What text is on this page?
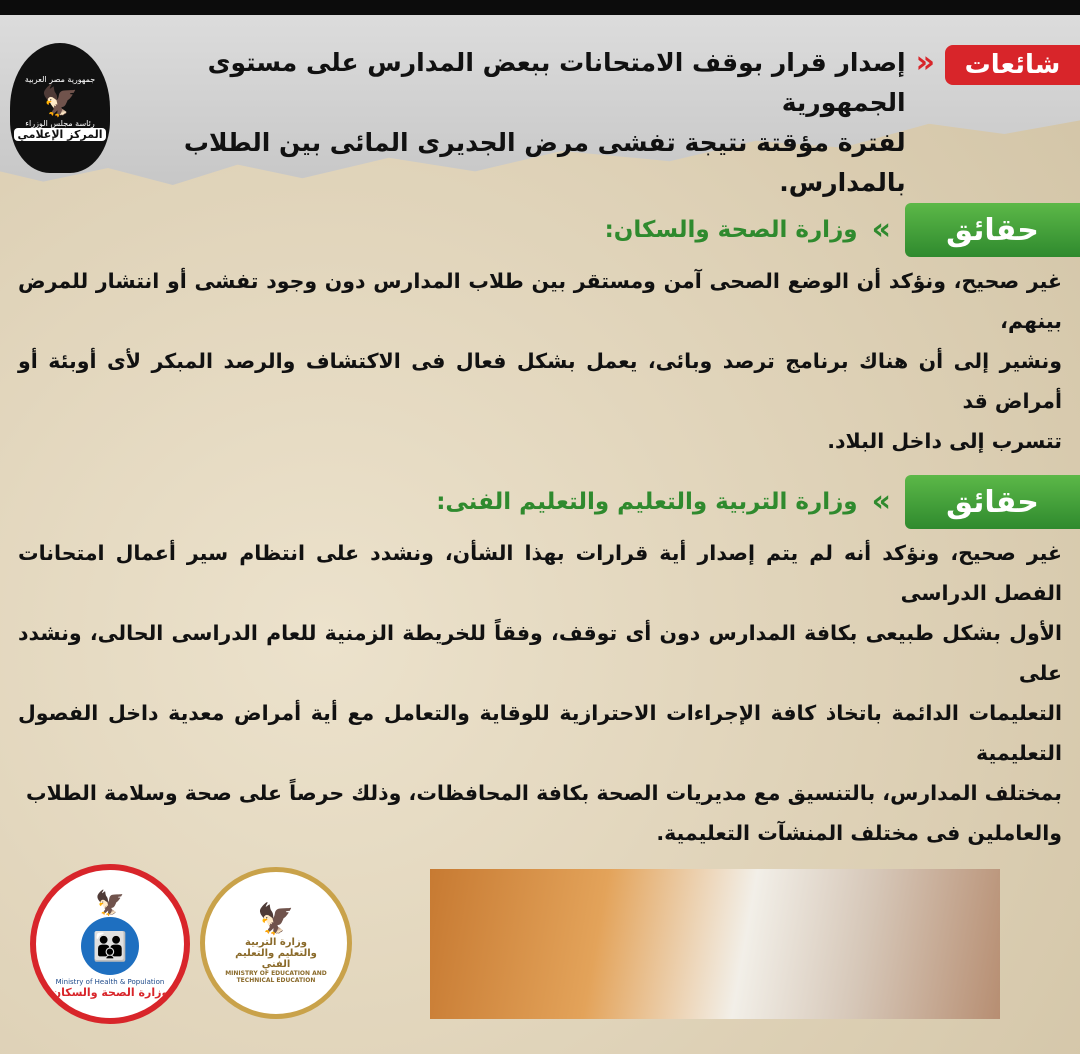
شائعات
«
إصدار قرار بوقف الامتحانات ببعض المدارس على مستوى الجمهورية
لفترة مؤقتة نتيجة تفشى مرض الجديرى المائى بين الطلاب بالمدارس.
جمهورية مصر العربية
🦅
رئاسة مجلس الوزراء
المركز الإعلامي
حقائق
»
وزارة الصحة والسكان:
غير صحيح، ونؤكد أن الوضع الصحى آمن ومستقر بين طلاب المدارس دون وجود تفشى أو انتشار للمرض بينهم،
ونشير إلى أن هناك برنامج ترصد وبائى، يعمل بشكل فعال فى الاكتشاف والرصد المبكر لأى أوبئة أو أمراض قد
تتسرب إلى داخل البلاد.
حقائق
»
وزارة التربية والتعليم والتعليم الفنى:
غير صحيح، ونؤكد أنه لم يتم إصدار أية قرارات بهذا الشأن، ونشدد على انتظام سير أعمال امتحانات الفصل الدراسى
الأول بشكل طبيعى بكافة المدارس دون أى توقف، وفقاً للخريطة الزمنية للعام الدراسى الحالى، ونشدد على
التعليمات الدائمة باتخاذ كافة الإجراءات الاحترازية للوقاية والتعامل مع أية أمراض معدية داخل الفصول التعليمية
بمختلف المدارس، بالتنسيق مع مديريات الصحة بكافة المحافظات، وذلك حرصاً على صحة وسلامة الطلاب
والعاملين فى مختلف المنشآت التعليمية.
🦅
👪
Ministry of Health & Population
وزارة الصحة والسكان
🦅
وزارة التربية والتعليم والتعليم الفني
MINISTRY OF EDUCATION AND TECHNICAL EDUCATION
